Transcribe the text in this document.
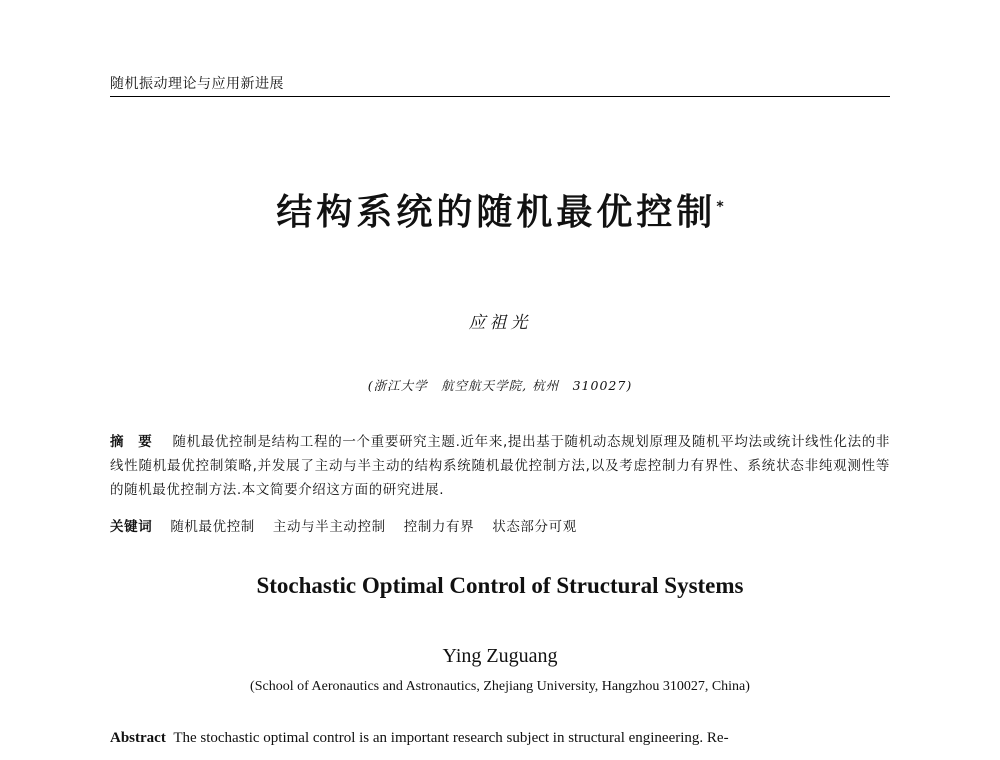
随机振动理论与应用新进展
结构系统的随机最优控制*
应祖光
(浙江大学　航空航天学院, 杭州　310027)
摘　要 随机最优控制是结构工程的一个重要研究主题.近年来,提出基于随机动态规划原理及随机平均法或统计线性化法的非线性随机最优控制策略,并发展了主动与半主动的结构系统随机最优控制方法,以及考虑控制力有界性、系统状态非纯观测性等的随机最优控制方法.本文简要介绍这方面的研究进展.
关键词 随机最优控制 主动与半主动控制 控制力有界 状态部分可观
Stochastic Optimal Control of Structural Systems
Ying Zuguang
(School of Aeronautics and Astronautics, Zhejiang University, Hangzhou 310027, China)
Abstract The stochastic optimal control is an important research subject in structural engineering. Re-
